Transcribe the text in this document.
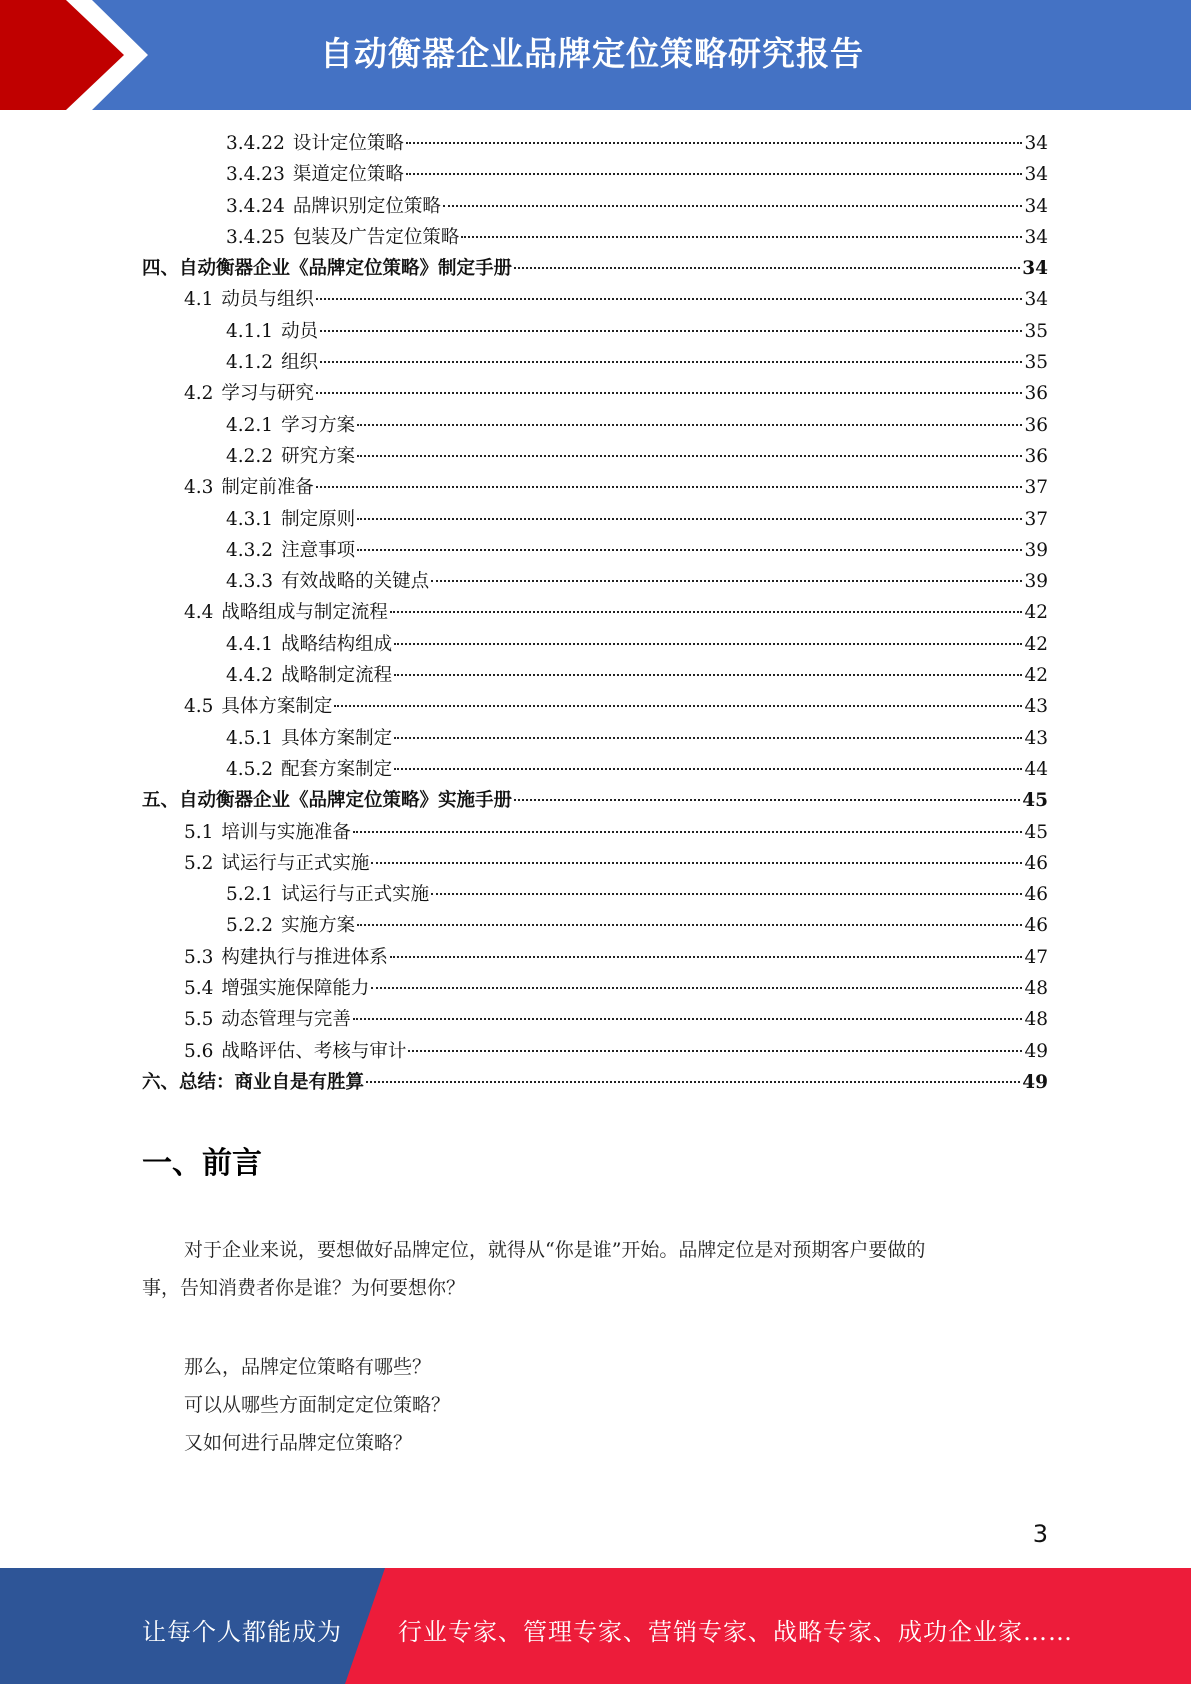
自动衡器企业品牌定位策略研究报告
3.4.22 设计定位策略	34
3.4.23 渠道定位策略	34
3.4.24 品牌识别定位策略	34
3.4.25 包装及广告定位策略	34
四、自动衡器企业《品牌定位策略》制定手册	34
4.1 动员与组织	34
4.1.1 动员	35
4.1.2 组织	35
4.2 学习与研究	36
4.2.1 学习方案	36
4.2.2 研究方案	36
4.3 制定前准备	37
4.3.1 制定原则	37
4.3.2 注意事项	39
4.3.3 有效战略的关键点	39
4.4 战略组成与制定流程	42
4.4.1 战略结构组成	42
4.4.2 战略制定流程	42
4.5 具体方案制定	43
4.5.1 具体方案制定	43
4.5.2 配套方案制定	44
五、自动衡器企业《品牌定位策略》实施手册	45
5.1 培训与实施准备	45
5.2 试运行与正式实施	46
5.2.1 试运行与正式实施	46
5.2.2 实施方案	46
5.3 构建执行与推进体系	47
5.4 增强实施保障能力	48
5.5 动态管理与完善	48
5.6 战略评估、考核与审计	49
六、总结：商业自是有胜算	49
一、前言
对于企业来说，要想做好品牌定位，就得从“你是谁”开始。品牌定位是对预期客户要做的
事，告知消费者你是谁？为何要想你？
那么，品牌定位策略有哪些？
可以从哪些方面制定定位策略？
又如何进行品牌定位策略？
3
让每个人都能成为 行业专家、管理专家、营销专家、战略专家、成功企业家……
